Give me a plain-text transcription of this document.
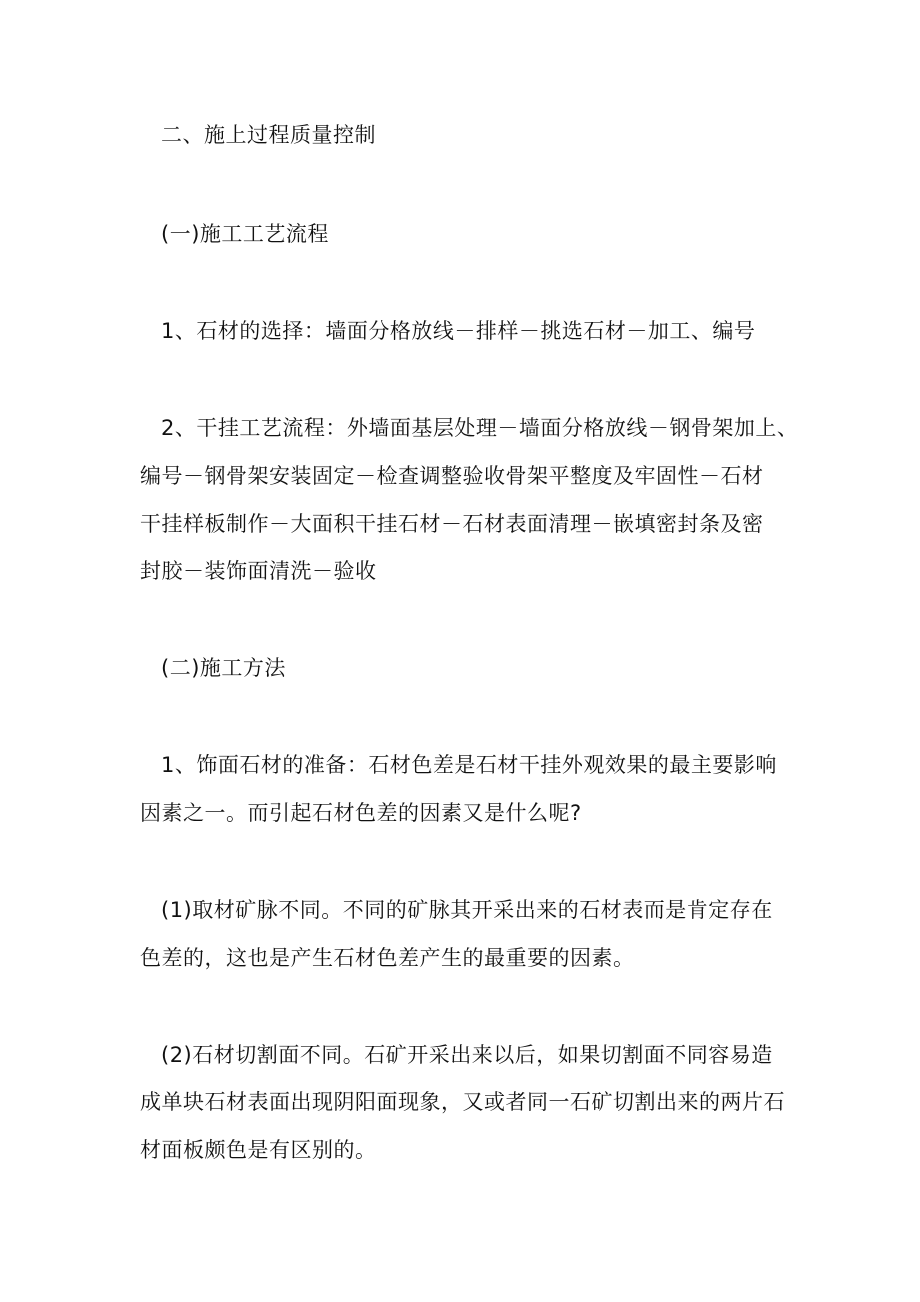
二、施上过程质量控制
(一)施工工艺流程
1、石材的选择：墙面分格放线－排样－挑选石材－加工、编号
2、干挂工艺流程：外墙面基层处理－墙面分格放线－钢骨架加上、
编号－钢骨架安装固定－检查调整验收骨架平整度及牢固性－石材
干挂样板制作－大面积干挂石材－石材表面清理－嵌填密封条及密
封胶－装饰面清洗－验收
(二)施工方法
1、饰面石材的准备：石材色差是石材干挂外观效果的最主要影响
因素之一。而引起石材色差的因素又是什么呢?
(1)取材矿脉不同。不同的矿脉其开采出来的石材表而是肯定存在
色差的，这也是产生石材色差产生的最重要的因素。
(2)石材切割面不同。石矿开采出来以后，如果切割面不同容易造
成单块石材表面出现阴阳面现象，又或者同一石矿切割出来的两片石
材面板颇色是有区别的。
